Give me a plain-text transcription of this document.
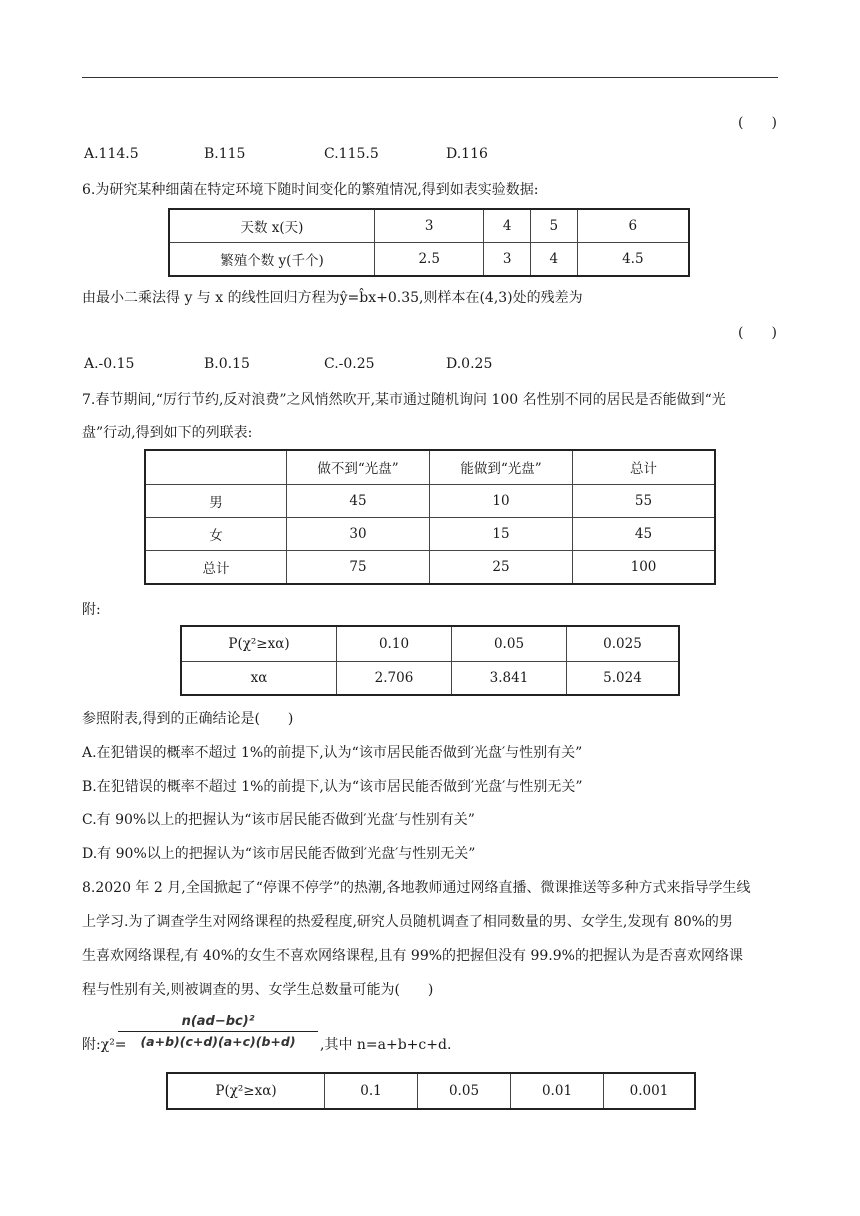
(　　)
A.114.5	B.115	C.115.5	D.116
6.为研究某种细菌在特定环境下随时间变化的繁殖情况,得到如表实验数据:
天数 x(天)	3	4	5	6
繁殖个数 y(千个)	2.5	3	4	4.5
由最小二乘法得 y 与 x 的线性回归方程为ŷ=b̂x+0.35,则样本在(4,3)处的残差为
(　　)
A.-0.15	B.0.15	C.-0.25	D.0.25
7.春节期间,“厉行节约,反对浪费”之风悄然吹开,某市通过随机询问 100 名性别不同的居民是否能做到“光
盘”行动,得到如下的列联表:
	做不到“光盘”	能做到“光盘”	总计
男	45	10	55
女	30	15	45
总计	75	25	100
附:
P(χ²≥xα)	0.10	0.05	0.025
xα	2.706	3.841	5.024
参照附表,得到的正确结论是(　　)
A.在犯错误的概率不超过 1%的前提下,认为“该市居民能否做到′光盘′与性别有关”
B.在犯错误的概率不超过 1%的前提下,认为“该市居民能否做到′光盘′与性别无关”
C.有 90%以上的把握认为“该市居民能否做到′光盘′与性别有关”
D.有 90%以上的把握认为“该市居民能否做到′光盘′与性别无关”
8.2020 年 2 月,全国掀起了“停课不停学”的热潮,各地教师通过网络直播、微课推送等多种方式来指导学生线
上学习.为了调查学生对网络课程的热爱程度,研究人员随机调查了相同数量的男、女学生,发现有 80%的男
生喜欢网络课程,有 40%的女生不喜欢网络课程,且有 99%的把握但没有 99.9%的把握认为是否喜欢网络课
程与性别有关,则被调查的男、女学生总数量可能为(　　)
附:χ²=
n(ad−bc)²
(a+b)(c+d)(a+c)(b+d)	,其中 n=a+b+c+d.
P(χ²≥xα)	0.1	0.05	0.01	0.001
